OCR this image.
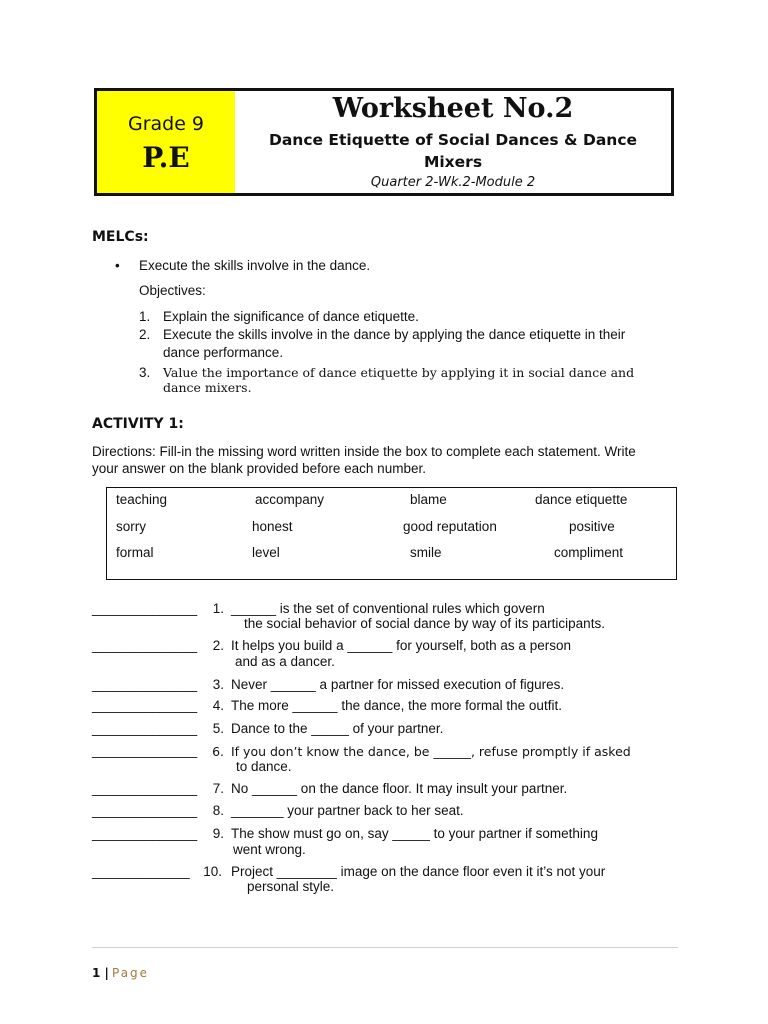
Grade 9
P.E
Worksheet No.2
Dance Etiquette of Social Dances & Dance Mixers
Quarter 2-Wk.2-Module 2
MELCs:
• Execute the skills involve in the dance.
Objectives:
1. Explain the significance of dance etiquette.
2. Execute the skills involve in the dance by applying the dance etiquette in their
dance performance.
3. Value the importance of dance etiquette by applying it in social dance and
dance mixers.
ACTIVITY 1:
Directions: Fill-in the missing word written inside the box to complete each statement. Write
your answer on the blank provided before each number.
teaching	accompany	blame	dance etiquette
sorry	honest	good reputation	positive
formal	level	smile	compliment
______________	1. ______ is the set of conventional rules which govern
the social behavior of social dance by way of its participants.
______________	2. It helps you build a ______ for yourself, both as a person
and as a dancer.
______________	3. Never ______ a partner for missed execution of figures.
______________	4. The more ______ the dance, the more formal the outfit.
______________	5. Dance to the _____ of your partner.
______________	6. If you don’t know the dance, be ______, refuse promptly if asked
to dance.
______________	7. No ______ on the dance floor. It may insult your partner.
______________	8. _______ your partner back to her seat.
______________	9. The show must go on, say _____ to your partner if something
went wrong.
_____________	10. Project ________ image on the dance floor even it it’s not your
personal style.
1 | Page
